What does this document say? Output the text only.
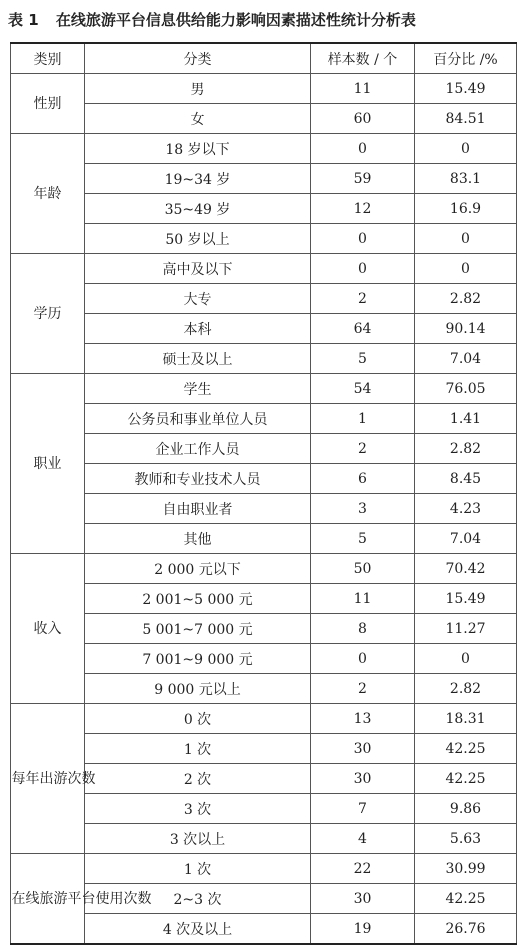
表 1 在线旅游平台信息供给能力影响因素描述性统计分析表
类别	分类	样本数 / 个	百分比 /%
性别	男	11	15.49
	女	60	84.51
年龄	18 岁以下	0	0
	19~34 岁	59	83.1
	35~49 岁	12	16.9
	50 岁以上	0	0
学历	高中及以下	0	0
	大专	2	2.82
	本科	64	90.14
	硕士及以上	5	7.04
职业	学生	54	76.05
	公务员和事业单位人员	1	1.41
	企业工作人员	2	2.82
	教师和专业技术人员	6	8.45
	自由职业者	3	4.23
	其他	5	7.04
收入	2 000 元以下	50	70.42
	2 001~5 000 元	11	15.49
	5 001~7 000 元	8	11.27
	7 001~9 000 元	0	0
	9 000 元以上	2	2.82
每年出游次数	0 次	13	18.31
	1 次	30	42.25
	2 次	30	42.25
	3 次	7	9.86
	3 次以上	4	5.63
在线旅游平台使用次数	1 次	22	30.99
	2~3 次	30	42.25
	4 次及以上	19	26.76
